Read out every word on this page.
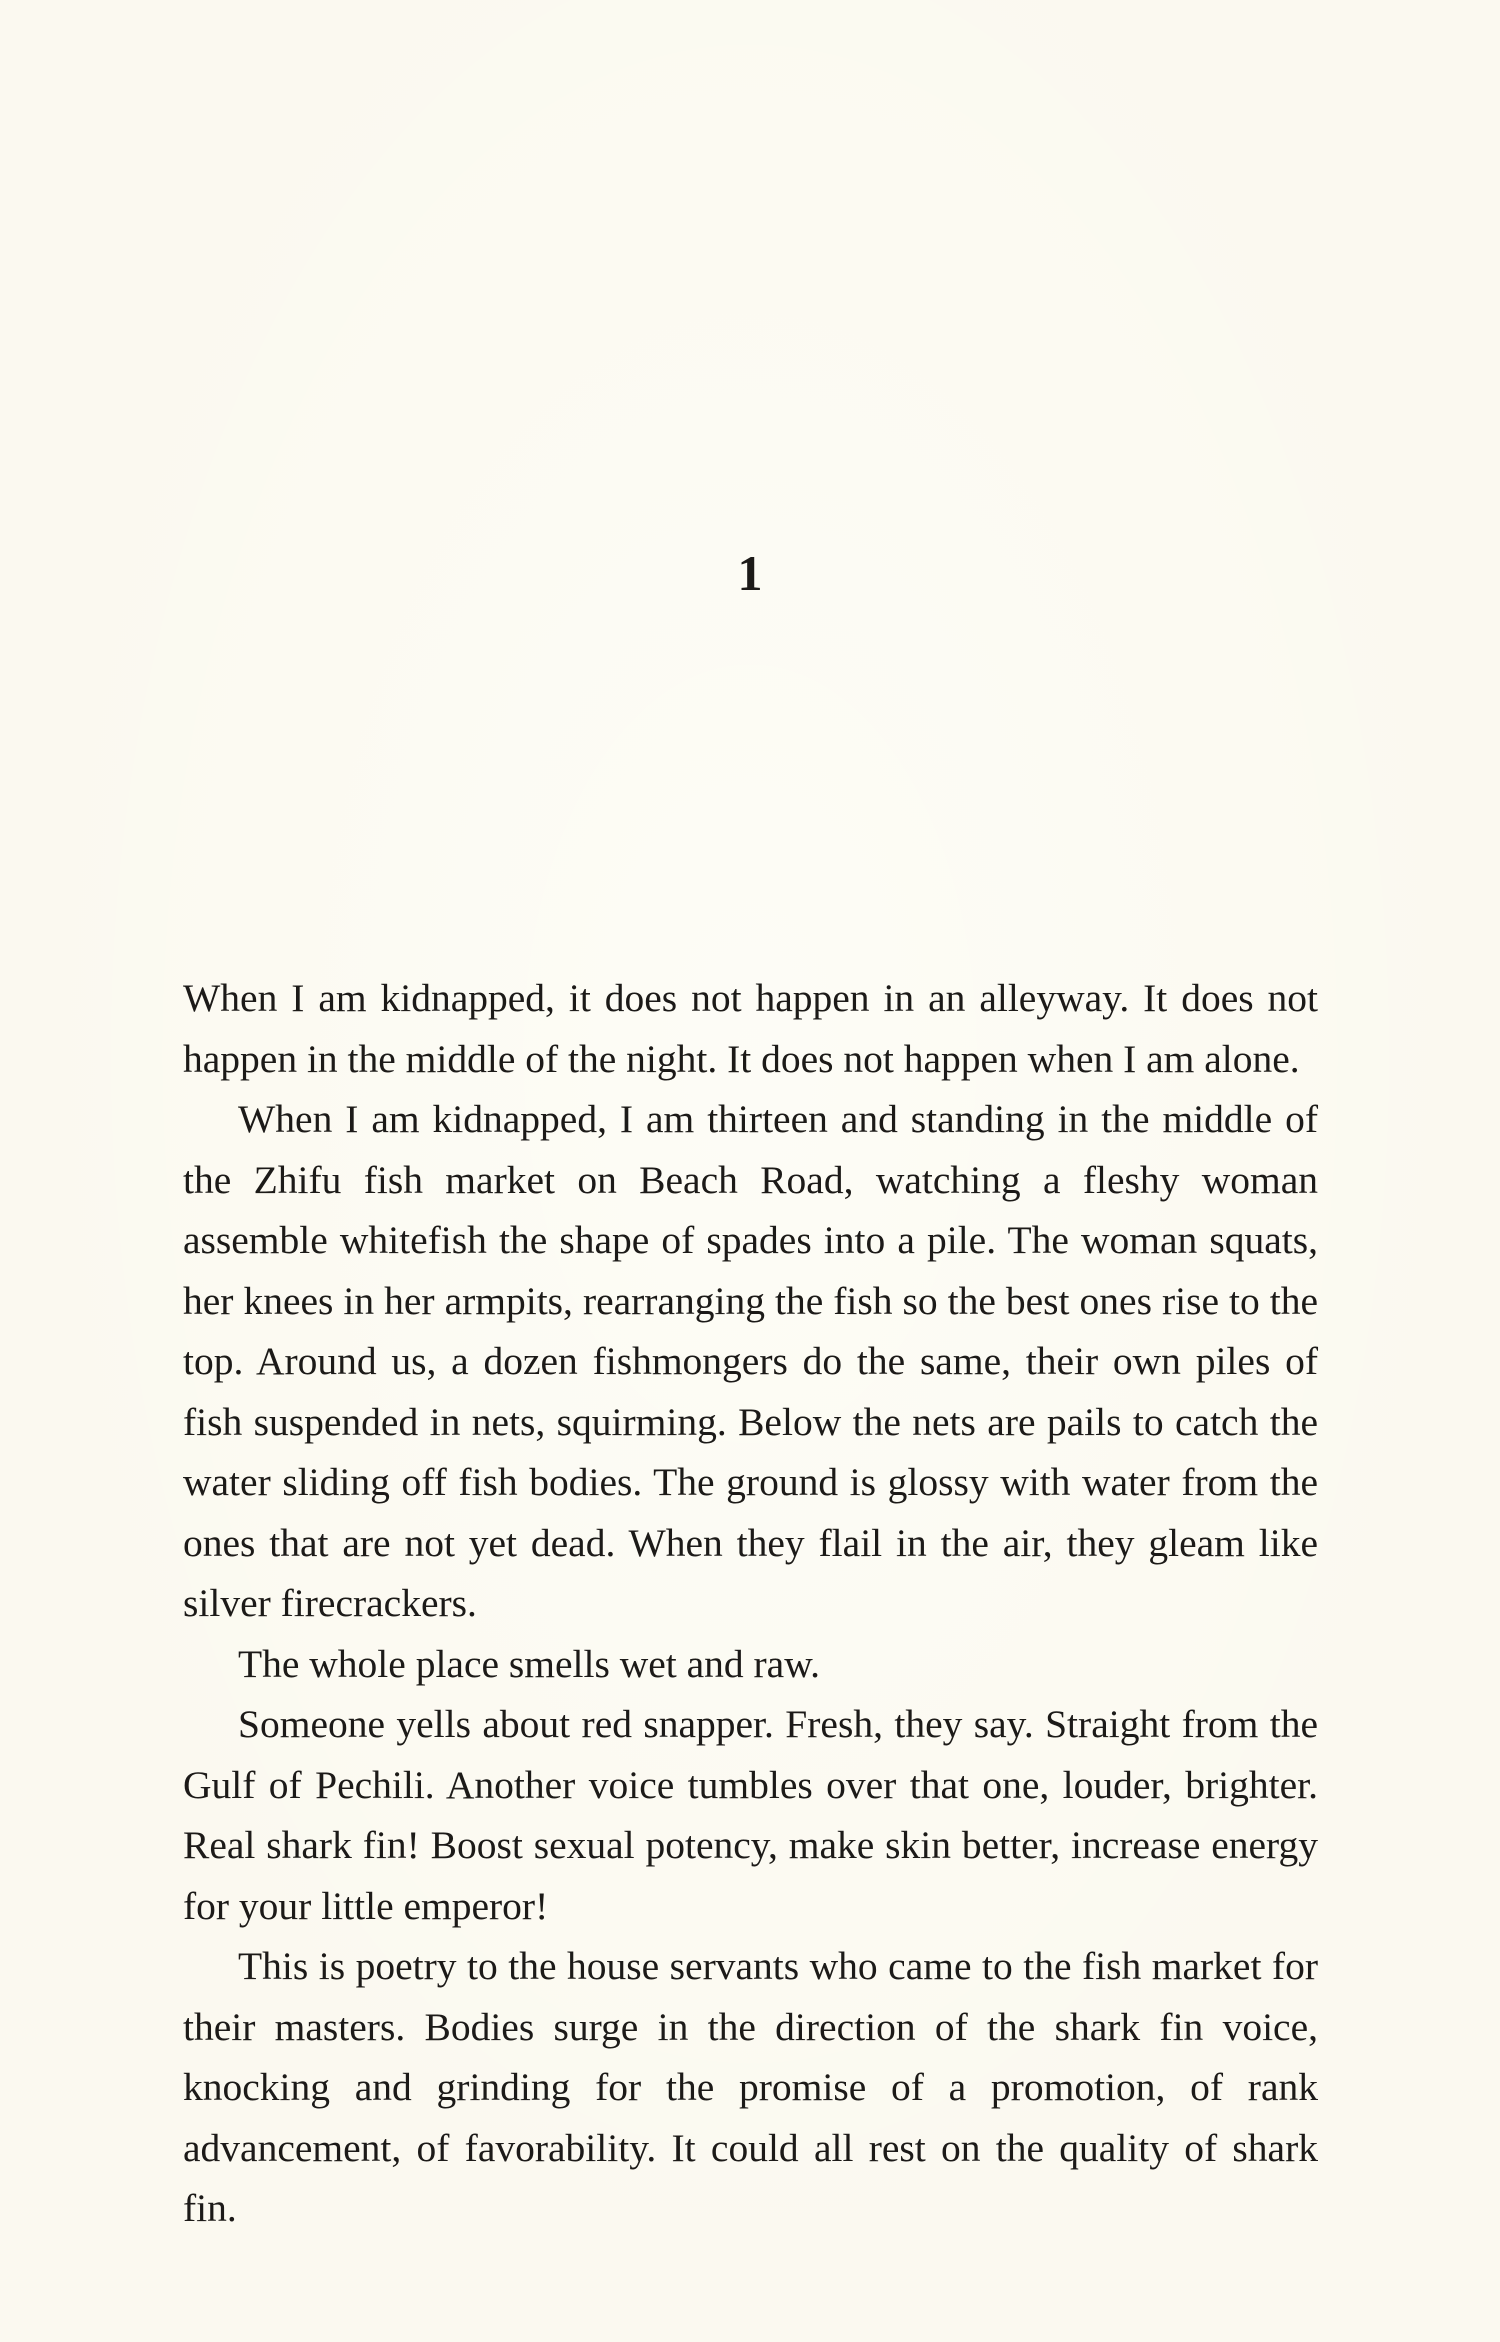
1

When I am kidnapped, it does not happen in an alleyway. It does not happen in the middle of the night. It does not happen when I am alone.

When I am kidnapped, I am thirteen and standing in the middle of the Zhifu fish market on Beach Road, watching a fleshy woman assemble whitefish the shape of spades into a pile. The woman squats, her knees in her armpits, rearranging the fish so the best ones rise to the top. Around us, a dozen fishmongers do the same, their own piles of fish suspended in nets, squirming. Below the nets are pails to catch the water sliding off fish bodies. The ground is glossy with water from the ones that are not yet dead. When they flail in the air, they gleam like silver firecrackers.

The whole place smells wet and raw.

Someone yells about red snapper. Fresh, they say. Straight from the Gulf of Pechili. Another voice tumbles over that one, louder, brighter. Real shark fin! Boost sexual potency, make skin better, increase energy for your little emperor!

This is poetry to the house servants who came to the fish market for their masters. Bodies surge in the direction of the shark fin voice, knocking and grinding for the promise of a promotion, of rank advancement, of favorability. It could all rest on the quality of shark fin.
